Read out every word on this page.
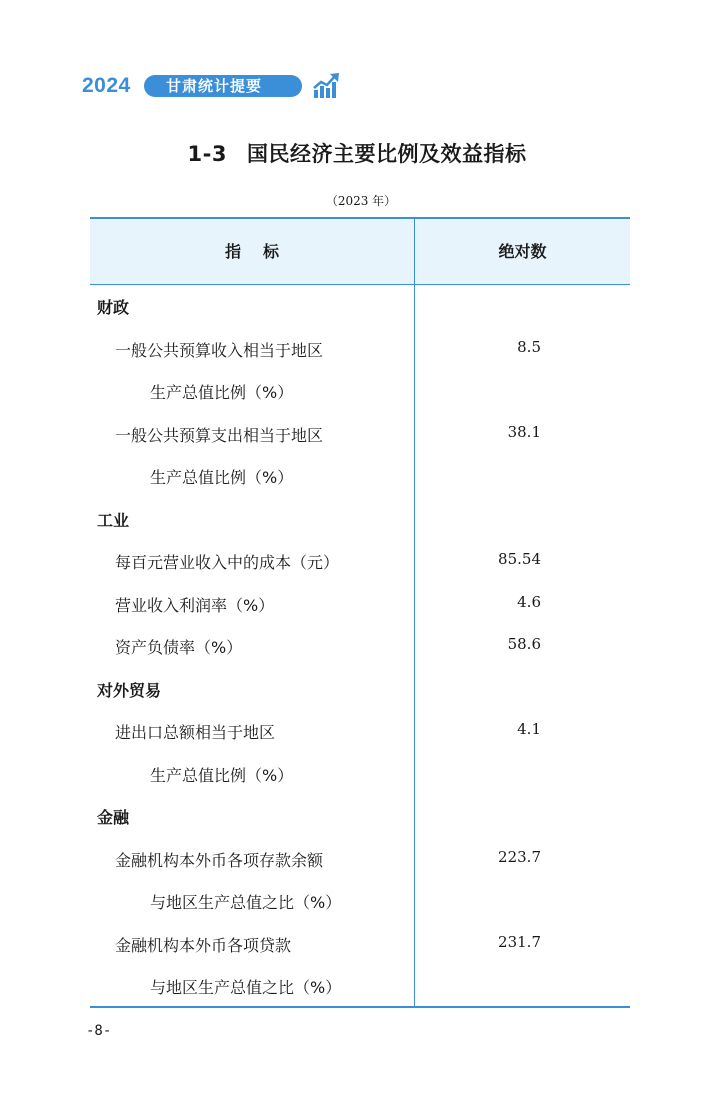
2024	甘肃统计提要
1-3 国民经济主要比例及效益指标
（2023 年）
指标	绝对数
财政
一般公共预算收入相当于地区	8.5
生产总值比例（%）
一般公共预算支出相当于地区	38.1
生产总值比例（%）
工业
每百元营业收入中的成本（元）	85.54
营业收入利润率（%）	4.6
资产负债率（%）	58.6
对外贸易
进出口总额相当于地区	4.1
生产总值比例（%）
金融
金融机构本外币各项存款余额	223.7
与地区生产总值之比（%）
金融机构本外币各项贷款	231.7
与地区生产总值之比（%）
-8-
